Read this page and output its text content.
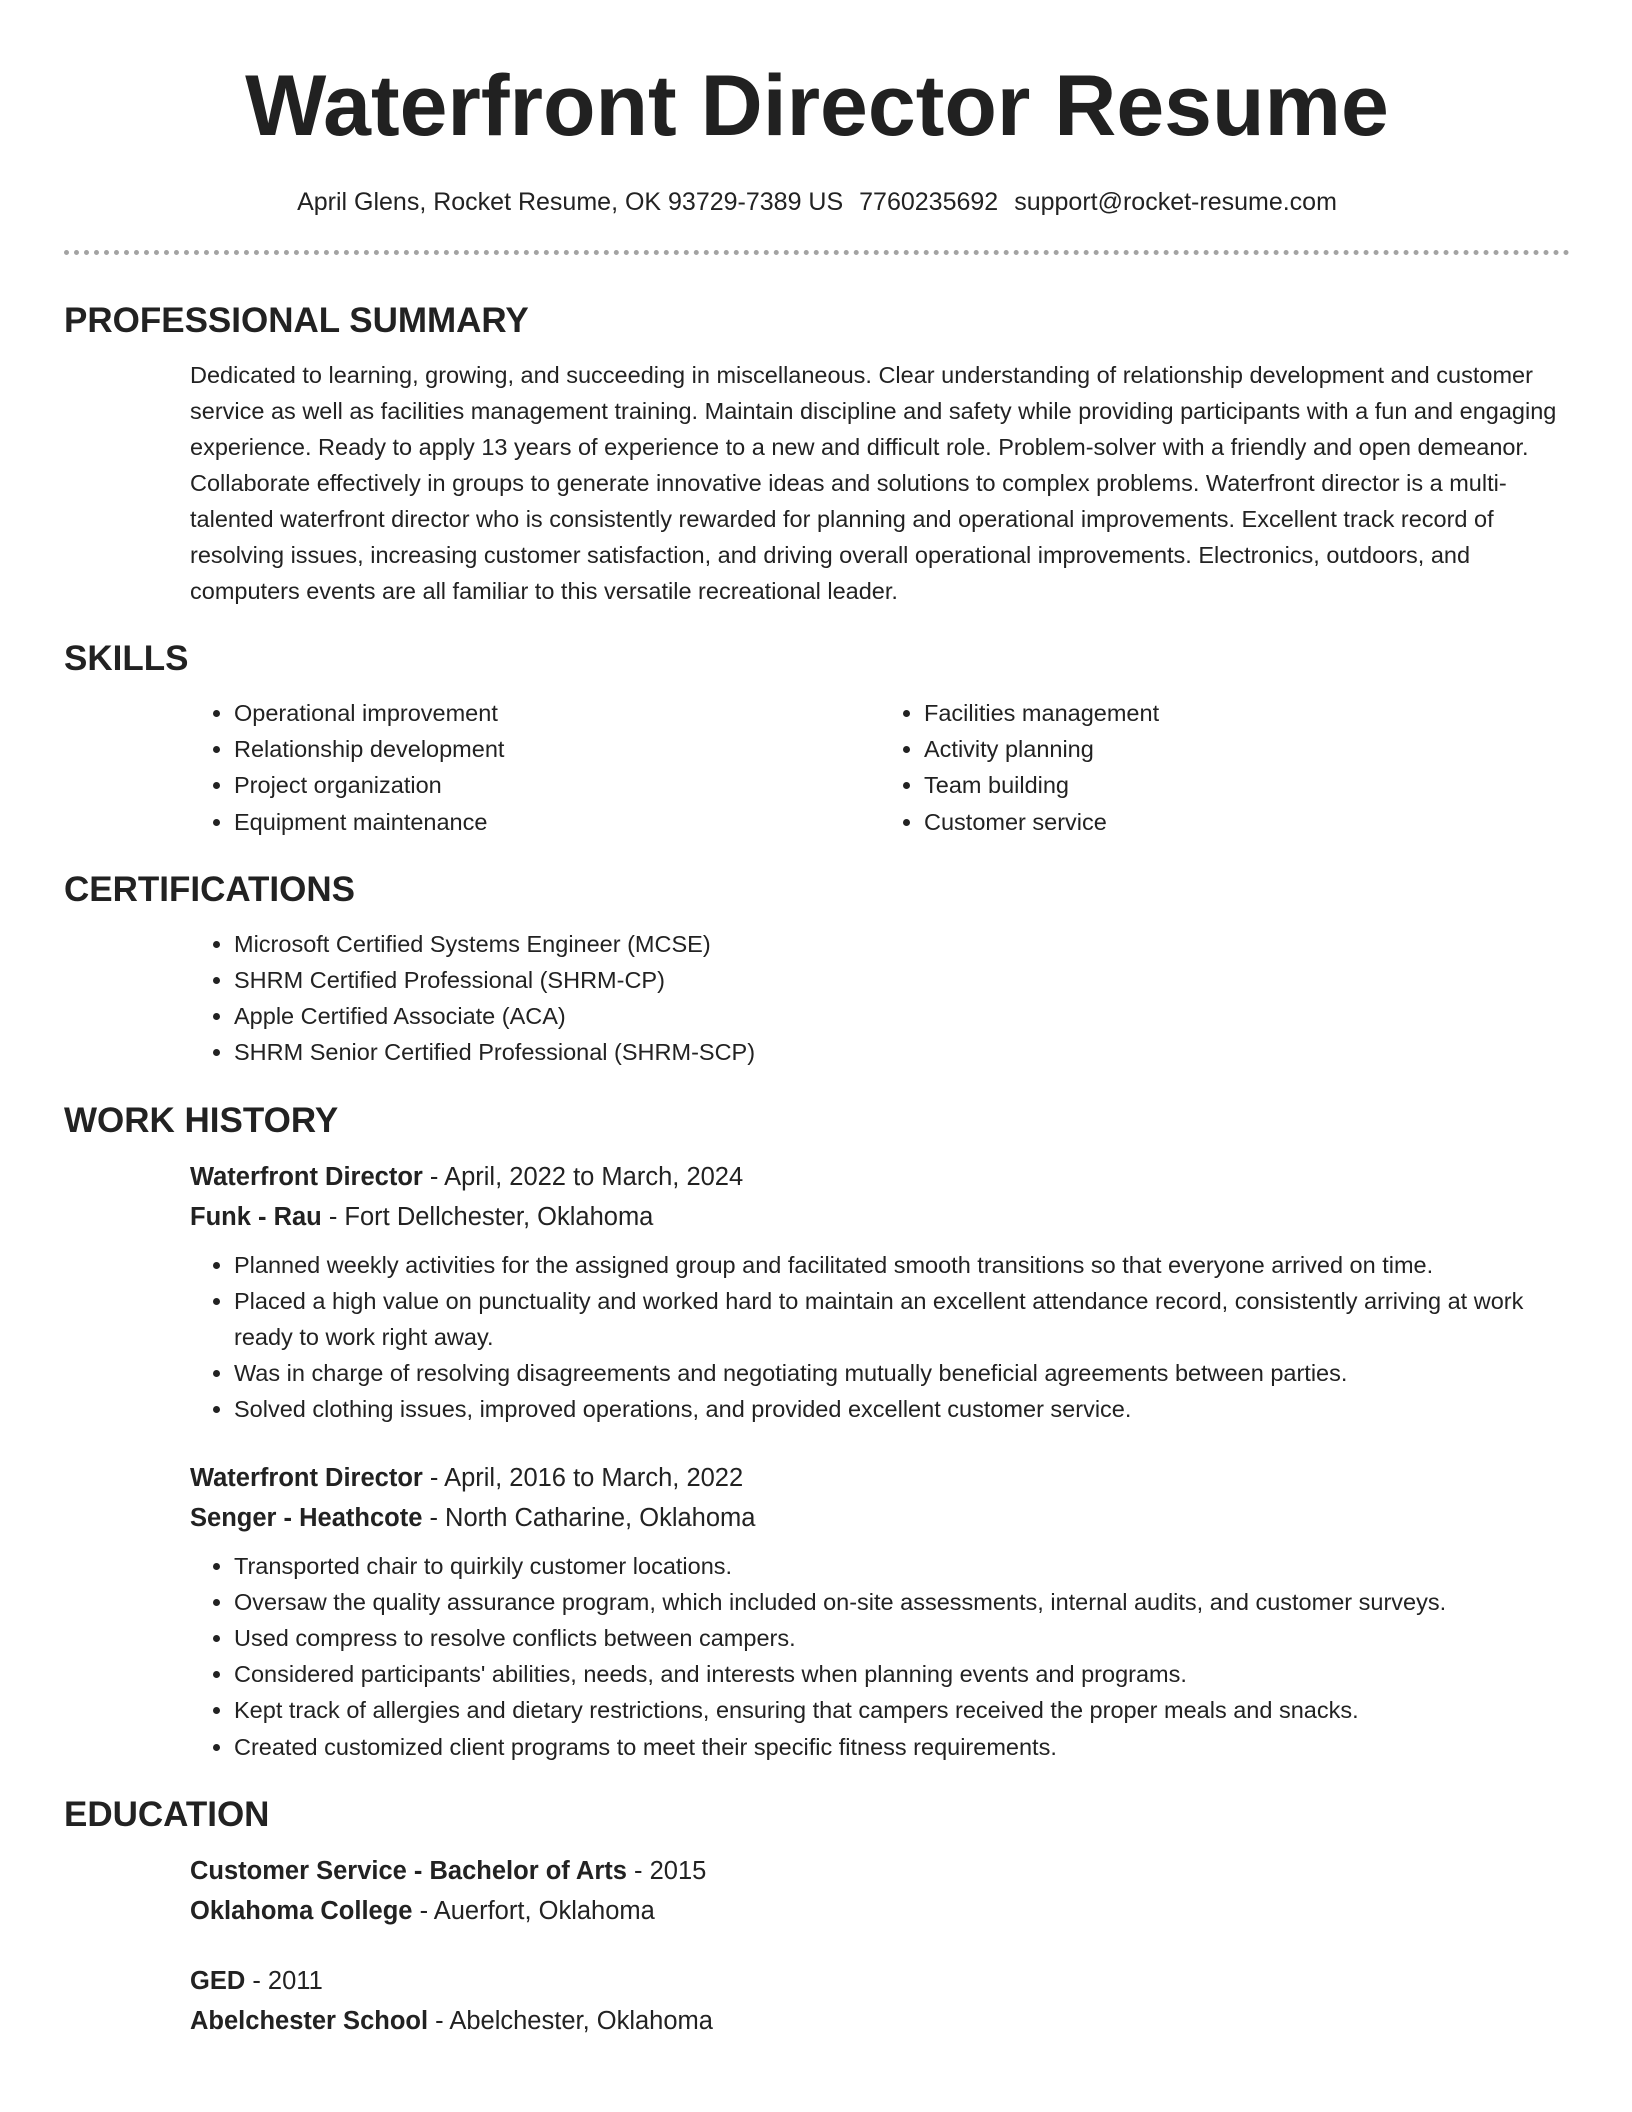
Waterfront Director Resume
April Glens, Rocket Resume, OK 93729-7389 US 7760235692 support@rocket-resume.com
PROFESSIONAL SUMMARY

Dedicated to learning, growing, and succeeding in miscellaneous. Clear understanding of relationship development and customer service as well as facilities management training. Maintain discipline and safety while providing participants with a fun and engaging experience. Ready to apply 13 years of experience to a new and difficult role. Problem-solver with a friendly and open demeanor. Collaborate effectively in groups to generate innovative ideas and solutions to complex problems. Waterfront director is a multi-talented waterfront director who is consistently rewarded for planning and operational improvements. Excellent track record of resolving issues, increasing customer satisfaction, and driving overall operational improvements. Electronics, outdoors, and computers events are all familiar to this versatile recreational leader.

SKILLS
• Operational improvement
• Relationship development
• Project organization
• Equipment maintenance
• Facilities management
• Activity planning
• Team building
• Customer service
CERTIFICATIONS
• Microsoft Certified Systems Engineer (MCSE)
• SHRM Certified Professional (SHRM-CP)
• Apple Certified Associate (ACA)
• SHRM Senior Certified Professional (SHRM-SCP)
WORK HISTORY
Waterfront Director - April, 2022 to March, 2024
Funk - Rau - Fort Dellchester, Oklahoma
• Planned weekly activities for the assigned group and facilitated smooth transitions so that everyone arrived on time.
• Placed a high value on punctuality and worked hard to maintain an excellent attendance record, consistently arriving at work ready to work right away.
• Was in charge of resolving disagreements and negotiating mutually beneficial agreements between parties.
• Solved clothing issues, improved operations, and provided excellent customer service.
Waterfront Director - April, 2016 to March, 2022
Senger - Heathcote - North Catharine, Oklahoma
• Transported chair to quirkily customer locations.
• Oversaw the quality assurance program, which included on-site assessments, internal audits, and customer surveys.
• Used compress to resolve conflicts between campers.
• Considered participants' abilities, needs, and interests when planning events and programs.
• Kept track of allergies and dietary restrictions, ensuring that campers received the proper meals and snacks.
• Created customized client programs to meet their specific fitness requirements.
EDUCATION
Customer Service - Bachelor of Arts - 2015
Oklahoma College - Auerfort, Oklahoma
GED - 2011
Abelchester School - Abelchester, Oklahoma
